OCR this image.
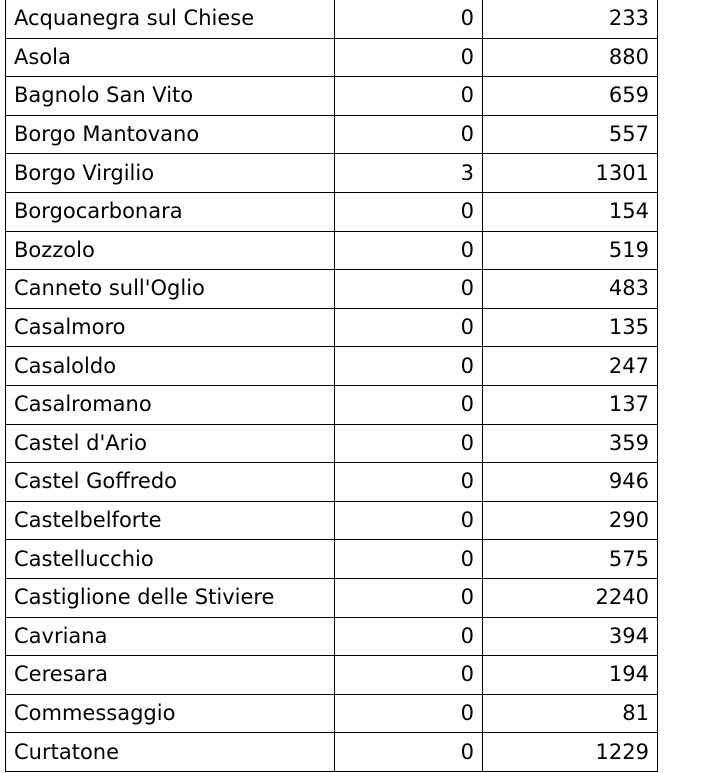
Acquanegra sul Chiese	0	233
Asola	0	880
Bagnolo San Vito	0	659
Borgo Mantovano	0	557
Borgo Virgilio	3	1301
Borgocarbonara	0	154
Bozzolo	0	519
Canneto sull'Oglio	0	483
Casalmoro	0	135
Casaloldo	0	247
Casalromano	0	137
Castel d'Ario	0	359
Castel Goffredo	0	946
Castelbelforte	0	290
Castellucchio	0	575
Castiglione delle Stiviere	0	2240
Cavriana	0	394
Ceresara	0	194
Commessaggio	0	81
Curtatone	0	1229
